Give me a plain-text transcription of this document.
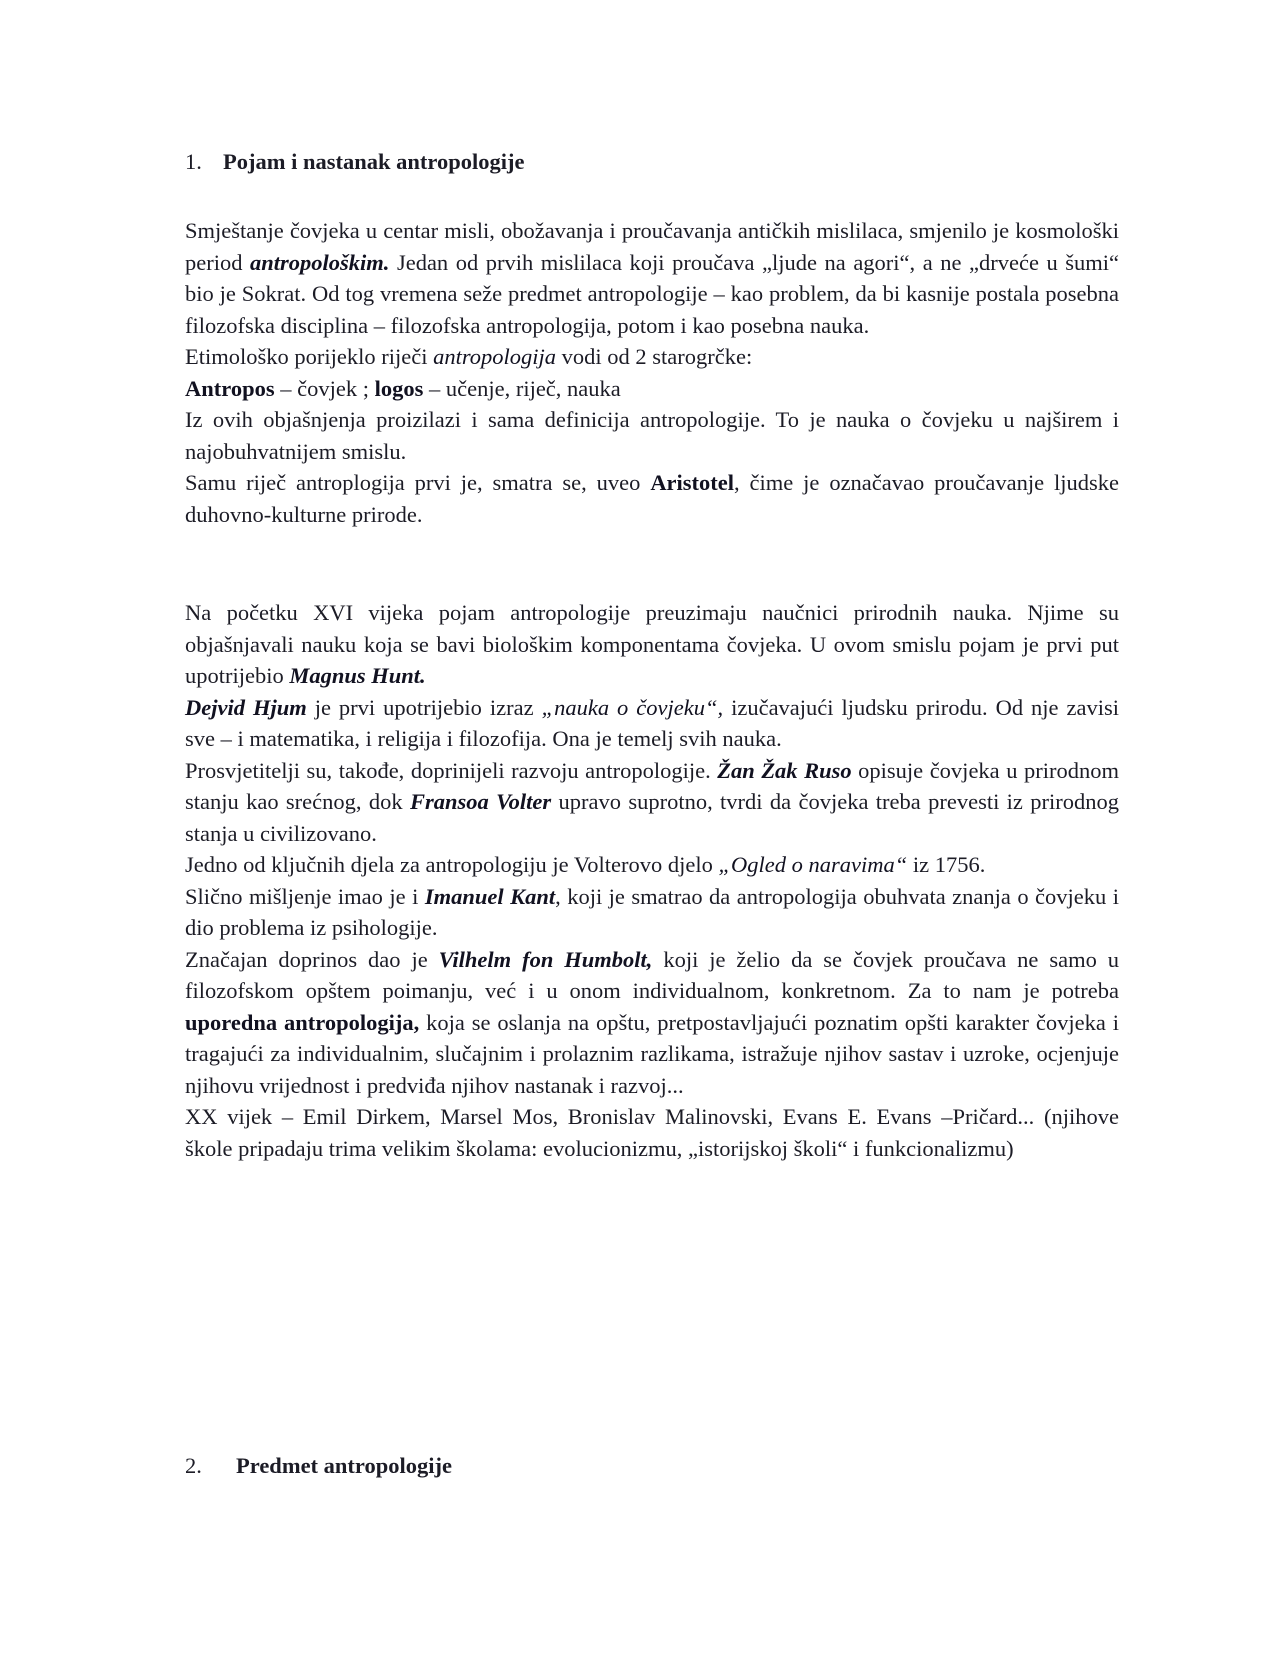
1. Pojam i nastanak antropologije

Smještanje čovjeka u centar misli, obožavanja i proučavanja antičkih mislilaca, smjenilo je kosmološki period antropološkim. Jedan od prvih mislilaca koji proučava „ljude na agori“, a ne „drveće u šumi“ bio je Sokrat. Od tog vremena seže predmet antropologije – kao problem, da bi kasnije postala posebna filozofska disciplina – filozofska antropologija, potom i kao posebna nauka.

Etimološko porijeklo riječi antropologija vodi od 2 starogrčke:

Antropos – čovjek ; logos – učenje, riječ, nauka

Iz ovih objašnjenja proizilazi i sama definicija antropologije. To je nauka o čovjeku u najširem i najobuhvatnijem smislu.

Samu riječ antroplogija prvi je, smatra se, uveo Aristotel, čime je označavao proučavanje ljudske duhovno-kulturne prirode.

Na početku XVI vijeka pojam antropologije preuzimaju naučnici prirodnih nauka. Njime su objašnjavali nauku koja se bavi biološkim komponentama čovjeka. U ovom smislu pojam je prvi put upotrijebio Magnus Hunt.

Dejvid Hjum je prvi upotrijebio izraz „nauka o čovjeku“, izučavajući ljudsku prirodu. Od nje zavisi sve – i matematika, i religija i filozofija. Ona je temelj svih nauka.

Prosvjetitelji su, takođe, doprinijeli razvoju antropologije. Žan Žak Ruso opisuje čovjeka u prirodnom stanju kao srećnog, dok Fransoa Volter upravo suprotno, tvrdi da čovjeka treba prevesti iz prirodnog stanja u civilizovano.

Jedno od ključnih djela za antropologiju je Volterovo djelo „Ogled o naravima“ iz 1756.

Slično mišljenje imao je i Imanuel Kant, koji je smatrao da antropologija obuhvata znanja o čovjeku i dio problema iz psihologije.

Značajan doprinos dao je Vilhelm fon Humbolt, koji je želio da se čovjek proučava ne samo u filozofskom opštem poimanju, već i u onom individualnom, konkretnom. Za to nam je potreba uporedna antropologija, koja se oslanja na opštu, pretpostavljajući poznatim opšti karakter čovjeka i tragajući za individualnim, slučajnim i prolaznim razlikama, istražuje njihov sastav i uzroke, ocjenjuje njihovu vrijednost i predviđa njihov nastanak i razvoj...

XX vijek – Emil Dirkem, Marsel Mos, Bronislav Malinovski, Evans E. Evans –Pričard... (njihove škole pripadaju trima velikim školama: evolucionizmu, „istorijskoj školi“ i funkcionalizmu)

2. Predmet antropologije
